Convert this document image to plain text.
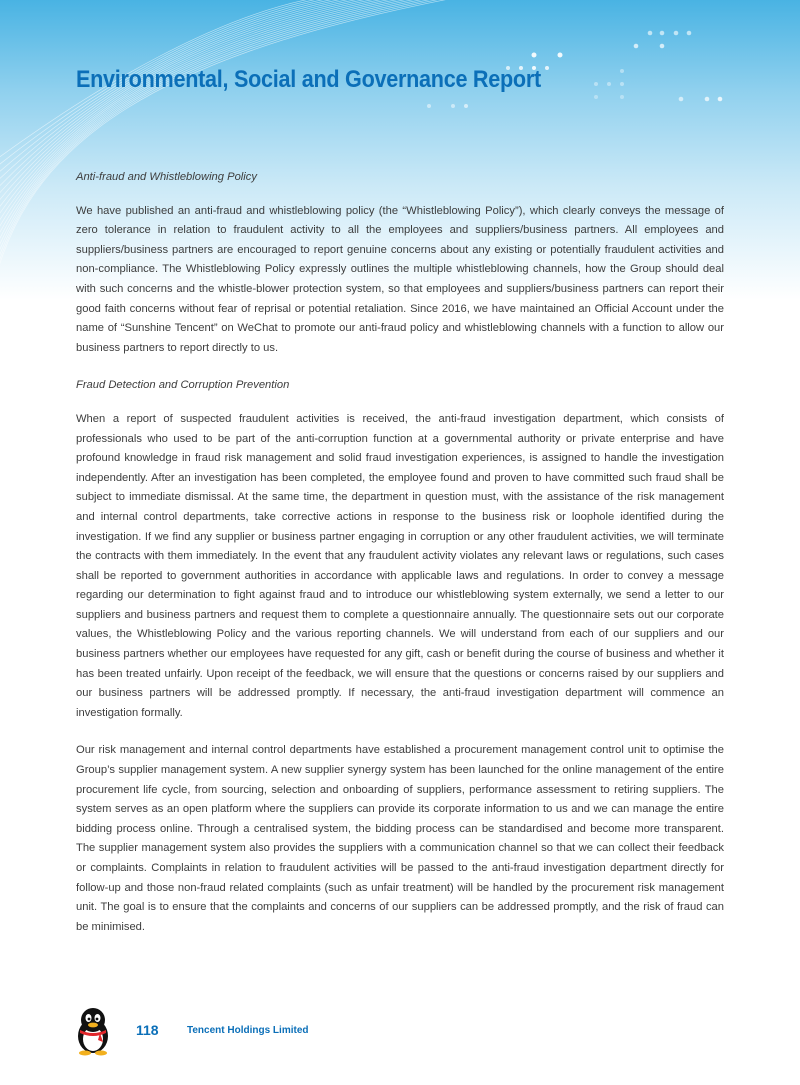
Environmental, Social and Governance Report
Anti-fraud and Whistleblowing Policy

We have published an anti-fraud and whistleblowing policy (the “Whistleblowing Policy”), which clearly conveys the message of zero tolerance in relation to fraudulent activity to all the employees and suppliers/business partners. All employees and suppliers/business partners are encouraged to report genuine concerns about any existing or potentially fraudulent activities and non-compliance. The Whistleblowing Policy expressly outlines the multiple whistleblowing channels, how the Group should deal with such concerns and the whistle-blower protection system, so that employees and suppliers/business partners can report their good faith concerns without fear of reprisal or potential retaliation. Since 2016, we have maintained an Official Account under the name of “Sunshine Tencent” on WeChat to promote our anti-fraud policy and whistleblowing channels with a function to allow our business partners to report directly to us.

Fraud Detection and Corruption Prevention

When a report of suspected fraudulent activities is received, the anti-fraud investigation department, which consists of professionals who used to be part of the anti-corruption function at a governmental authority or private enterprise and have profound knowledge in fraud risk management and solid fraud investigation experiences, is assigned to handle the investigation independently. After an investigation has been completed, the employee found and proven to have committed such fraud shall be subject to immediate dismissal. At the same time, the department in question must, with the assistance of the risk management and internal control departments, take corrective actions in response to the business risk or loophole identified during the investigation. If we find any supplier or business partner engaging in corruption or any other fraudulent activities, we will terminate the contracts with them immediately. In the event that any fraudulent activity violates any relevant laws or regulations, such cases shall be reported to government authorities in accordance with applicable laws and regulations. In order to convey a message regarding our determination to fight against fraud and to introduce our whistleblowing system externally, we send a letter to our suppliers and business partners and request them to complete a questionnaire annually. The questionnaire sets out our corporate values, the Whistleblowing Policy and the various reporting channels. We will understand from each of our suppliers and our business partners whether our employees have requested for any gift, cash or benefit during the course of business and whether it has been treated unfairly. Upon receipt of the feedback, we will ensure that the questions or concerns raised by our suppliers and our business partners will be addressed promptly. If necessary, the anti-fraud investigation department will commence an investigation formally.

Our risk management and internal control departments have established a procurement management control unit to optimise the Group’s supplier management system. A new supplier synergy system has been launched for the online management of the entire procurement life cycle, from sourcing, selection and onboarding of suppliers, performance assessment to retiring suppliers. The system serves as an open platform where the suppliers can provide its corporate information to us and we can manage the entire bidding process online. Through a centralised system, the bidding process can be standardised and become more transparent. The supplier management system also provides the suppliers with a communication channel so that we can collect their feedback or complaints. Complaints in relation to fraudulent activities will be passed to the anti-fraud investigation department directly for follow-up and those non-fraud related complaints (such as unfair treatment) will be handled by the procurement risk management unit. The goal is to ensure that the complaints and concerns of our suppliers can be addressed promptly, and the risk of fraud can be minimised.

118	Tencent Holdings Limited
